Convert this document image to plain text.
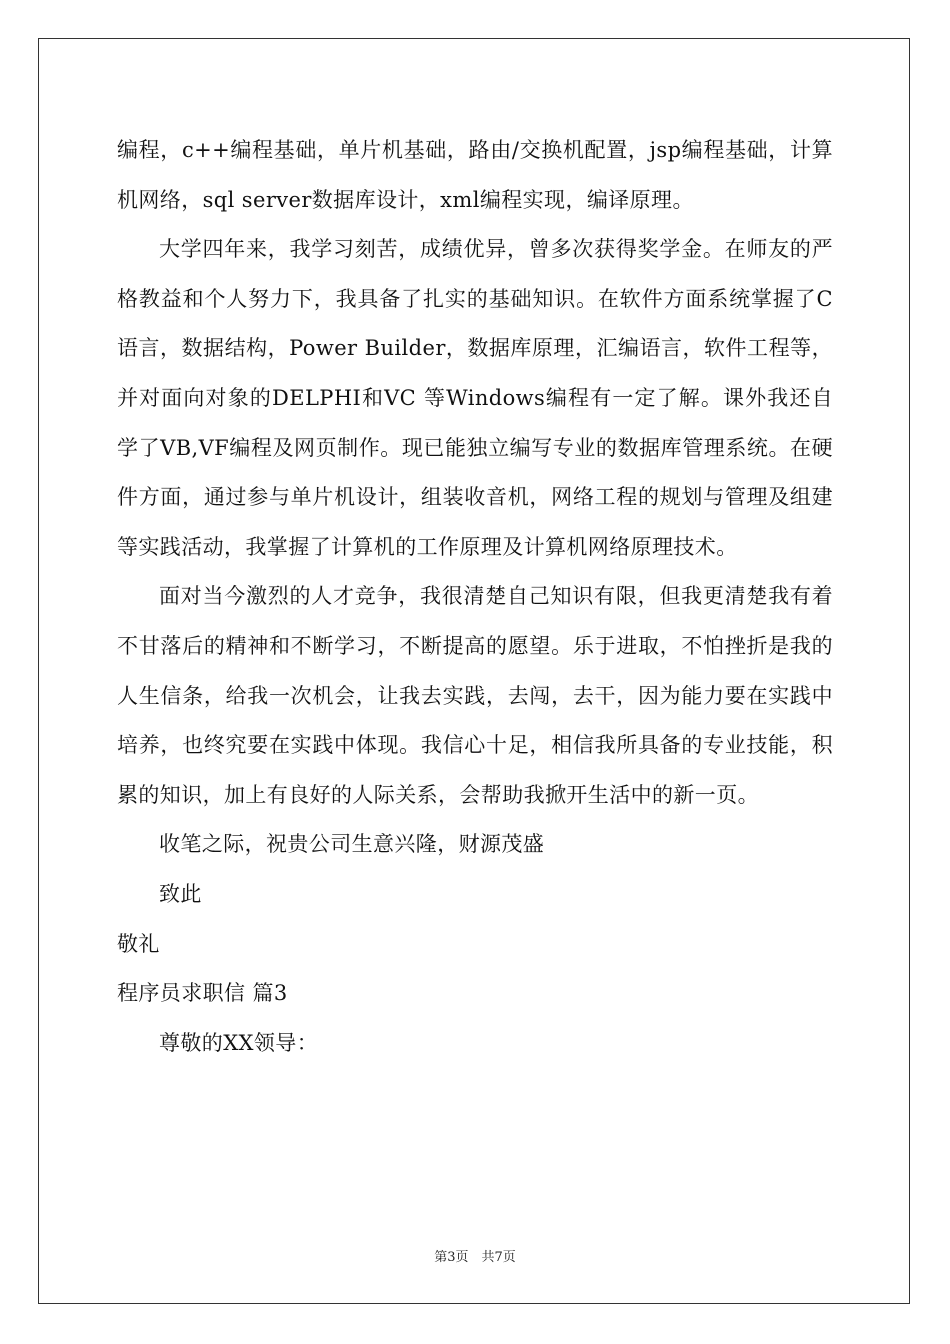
编程，c++编程基础，单片机基础，路由/交换机配置，jsp编程基础，计算机网络，sql server数据库设计，xml编程实现，编译原理。

大学四年来，我学习刻苦，成绩优异，曾多次获得奖学金。在师友的严格教益和个人努力下，我具备了扎实的基础知识。在软件方面系统掌握了C语言，数据结构，Power Builder，数据库原理，汇编语言，软件工程等，并对面向对象的DELPHI和VC 等Windows编程有一定了解。课外我还自学了VB,VF编程及网页制作。现已能独立编写专业的数据库管理系统。在硬件方面，通过参与单片机设计，组装收音机，网络工程的规划与管理及组建等实践活动，我掌握了计算机的工作原理及计算机网络原理技术。

面对当今激烈的人才竞争，我很清楚自己知识有限，但我更清楚我有着不甘落后的精神和不断学习，不断提高的愿望。乐于进取，不怕挫折是我的人生信条，给我一次机会，让我去实践，去闯，去干，因为能力要在实践中培养，也终究要在实践中体现。我信心十足，相信我所具备的专业技能，积累的知识，加上有良好的人际关系，会帮助我掀开生活中的新一页。

收笔之际，祝贵公司生意兴隆，财源茂盛

致此

敬礼

程序员求职信 篇3

尊敬的XX领导：

第3页　共7页
